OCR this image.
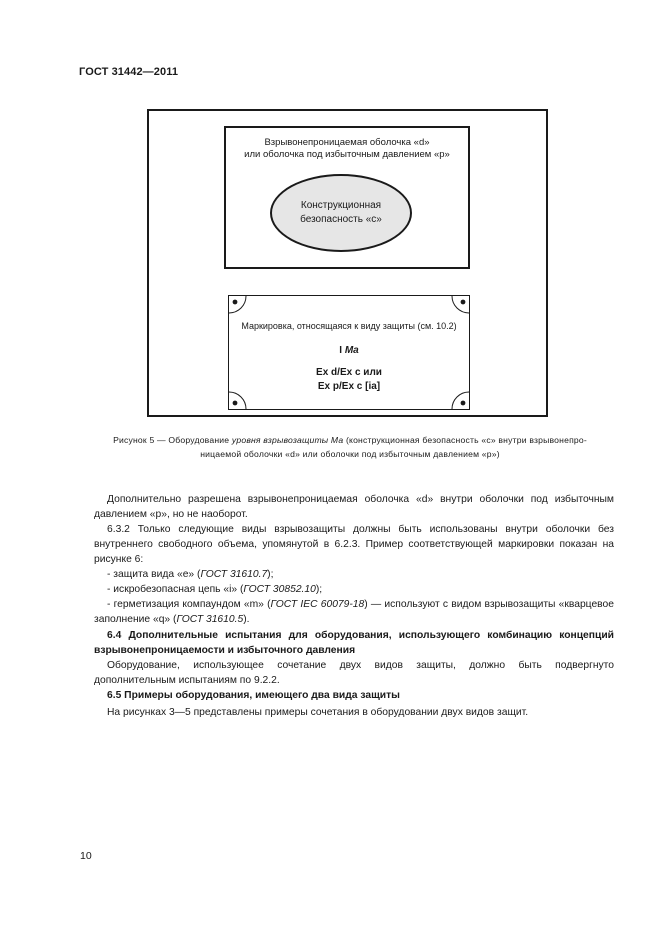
ГОСТ 31442—2011
Взрывонепроницаемая оболочка «d»
или оболочка под избыточным давлением «р»
Конструкционная
безопасность «с»
Маркировка, относящаяся к виду защиты (см. 10.2)
I Ma
Ex d/Ex с или
Ex p/Ex с [ia]
Рисунок 5 — Оборудование уровня взрывозащиты Ма (конструкционная безопасность «с» внутри взрывонепро-
ницаемой оболочки «d» или оболочки под избыточным давлением «р»)
Дополнительно разрешена взрывонепроницаемая оболочка «d» внутри оболочки под избыточным давлением «р», но не наоборот.
6.3.2 Только следующие виды взрывозащиты должны быть использованы внутри оболочки без внутреннего свободного объема, упомянутой в 6.2.3. Пример соответствующей маркировки показан на рисунке 6:
- защита вида «е» (ГОСТ 31610.7);
- искробезопасная цепь «i» (ГОСТ 30852.10);
- герметизация компаундом «m» (ГОСТ IEC 60079-18) — используют с видом взрывозащиты «кварцевое заполнение «q» (ГОСТ 31610.5).
6.4 Дополнительные испытания для оборудования, использующего комбинацию концепций взрывонепроницаемости и избыточного давления
Оборудование, использующее сочетание двух видов защиты, должно быть подвергнуто дополнительным испытаниям по 9.2.2.
6.5 Примеры оборудования, имеющего два вида защиты
На рисунках 3—5 представлены примеры сочетания в оборудовании двух видов защит.
10
